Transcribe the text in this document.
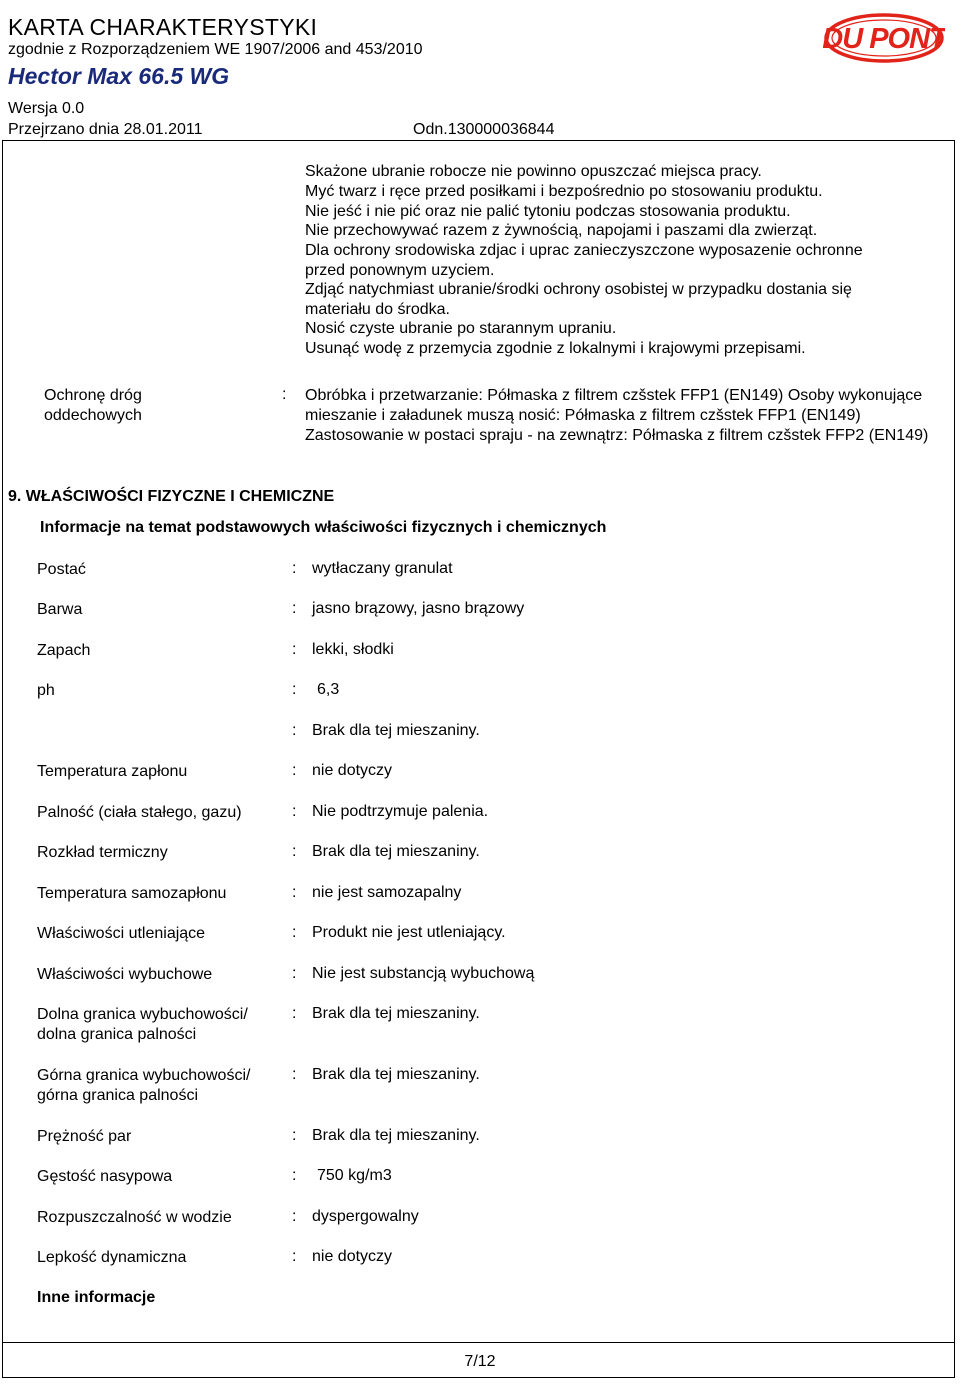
KARTA CHARAKTERYSTYKI
zgodnie z Rozporządzeniem WE 1907/2006 and 453/2010
Hector Max 66.5 WG
Wersja 0.0
Przejrzano dnia 28.01.2011	Odn.130000036844
DU PONT
Skażone ubranie robocze nie powinno opuszczać miejsca pracy.
Myć twarz i ręce przed posiłkami i bezpośrednio po stosowaniu produktu.
Nie jeść i nie pić oraz nie palić tytoniu podczas stosowania produktu.
Nie przechowywać razem z żywnością, napojami i paszami dla zwierząt.
Dla ochrony srodowiska zdjac i uprac zanieczyszczone wyposazenie ochronne
przed ponownym uzyciem.
Zdjąć natychmiast ubranie/środki ochrony osobistej w przypadku dostania się
materiału do środka.
Nosić czyste ubranie po starannym upraniu.
Usunąć wodę z przemycia zgodnie z lokalnymi i krajowymi przepisami.
Ochronę dróg
oddechowych
: Obróbka i przetwarzanie: Półmaska z filtrem czšstek FFP1 (EN149) Osoby wykonujące mieszanie i załadunek muszą nosić: Półmaska z filtrem czšstek FFP1 (EN149) Zastosowanie w postaci spraju - na zewnątrz: Półmaska z filtrem czšstek FFP2 (EN149)
9. WŁAŚCIWOŚCI FIZYCZNE I CHEMICZNE
Informacje na temat podstawowych właściwości fizycznych i chemicznych
Postać	: wytłaczany granulat
Barwa	: jasno brązowy, jasno brązowy
Zapach	: lekki, słodki
ph	: 6,3
: Brak dla tej mieszaniny.
Temperatura zapłonu	: nie dotyczy
Palność (ciała stałego, gazu)	: Nie podtrzymuje palenia.
Rozkład termiczny	: Brak dla tej mieszaniny.
Temperatura samozapłonu	: nie jest samozapalny
Właściwości utleniające	: Produkt nie jest utleniający.
Właściwości wybuchowe	: Nie jest substancją wybuchową
Dolna granica wybuchowości/
dolna granica palności
: Brak dla tej mieszaniny.
Górna granica wybuchowości/
górna granica palności
: Brak dla tej mieszaniny.
Prężność par	: Brak dla tej mieszaniny.
Gęstość nasypowa	: 750 kg/m3
Rozpuszczalność w wodzie	: dyspergowalny
Lepkość dynamiczna	: nie dotyczy
Inne informacje
7/12
